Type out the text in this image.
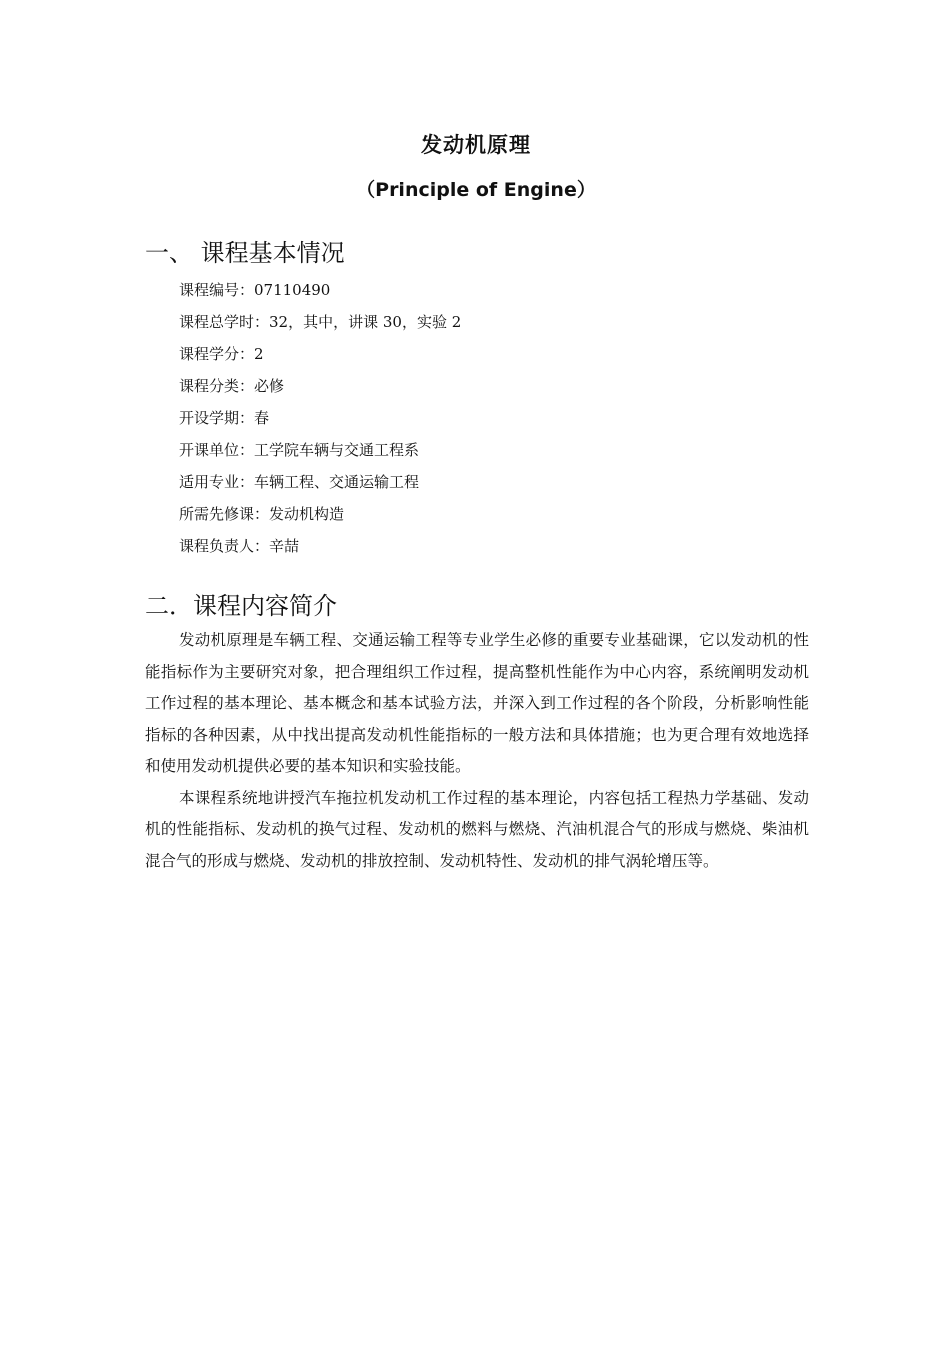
发动机原理
（Principle of Engine）
一、 课程基本情况
课程编号：07110490
课程总学时：32，其中，讲课 30，实验 2
课程学分：2
课程分类：必修
开设学期：春
开课单位：工学院车辆与交通工程系
适用专业：车辆工程、交通运输工程
所需先修课：发动机构造
课程负责人：辛喆
二．课程内容简介

发动机原理是车辆工程、交通运输工程等专业学生必修的重要专业基础课，它以发动机的性能指标作为主要研究对象，把合理组织工作过程，提高整机性能作为中心内容，系统阐明发动机工作过程的基本理论、基本概念和基本试验方法，并深入到工作过程的各个阶段，分析影响性能指标的各种因素，从中找出提高发动机性能指标的一般方法和具体措施；也为更合理有效地选择和使用发动机提供必要的基本知识和实验技能。

本课程系统地讲授汽车拖拉机发动机工作过程的基本理论，内容包括工程热力学基础、发动机的性能指标、发动机的换气过程、发动机的燃料与燃烧、汽油机混合气的形成与燃烧、柴油机混合气的形成与燃烧、发动机的排放控制、发动机特性、发动机的排气涡轮增压等。
